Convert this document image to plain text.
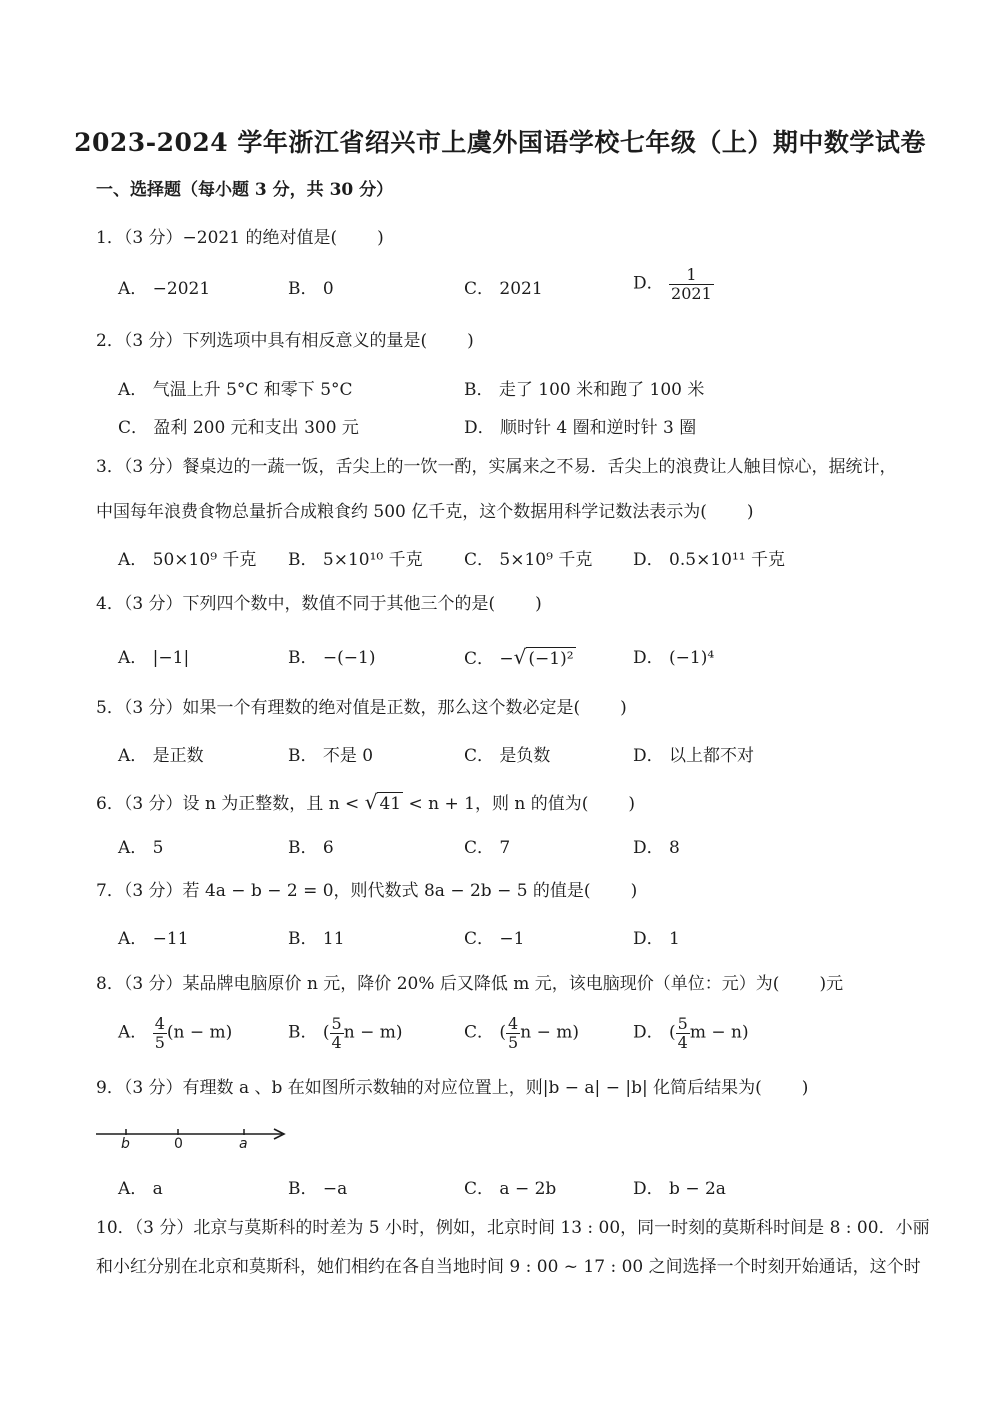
2023-2024 学年浙江省绍兴市上虞外国语学校七年级（上）期中数学试卷
一、选择题（每小题 3 分，共 30 分）
1．（3 分）−2021 的绝对值是( )
A． −2021	B． 0	C． 2021	D． $\frac{1}{2021}$
2．（3 分）下列选项中具有相反意义的量是( )
A． 气温上升 5°C 和零下 5°C	B． 走了 100 米和跑了 100 米
C． 盈利 200 元和支出 300 元	D． 顺时针 4 圈和逆时针 3 圈
3．（3 分）餐桌边的一蔬一饭，舌尖上的一饮一酌，实属来之不易．舌尖上的浪费让人触目惊心，据统计，
中国每年浪费食物总量折合成粮食约 500 亿千克，这个数据用科学记数法表示为( )
A． 50×10⁹ 千克 B． 5×10¹⁰ 千克 C． 5×10⁹ 千克 D． 0.5×10¹¹ 千克
4．（3 分）下列四个数中，数值不同于其他三个的是( )
A． |−1|	B． −(−1)	C． −√ (−1)²	D． (−1)⁴
5．（3 分）如果一个有理数的绝对值是正数，那么这个数必定是( )
A． 是正数	B． 不是 0	C． 是负数	D． 以上都不对
6．（3 分）设 n 为正整数，且 n < √ 41 < n + 1，则 n 的值为( )
A． 5	B． 6	C． 7	D． 8
7．（3 分）若 4a − b − 2 = 0，则代数式 8a − 2b − 5 的值是( )
A． −11	B． 11	C． −1	D． 1
8．（3 分）某品牌电脑原价 n 元，降价 20% 后又降低 m 元，该电脑现价（单位：元）为( )元
A． $\frac{4}{5} (n - m)$	B． ( $\frac{5}{4}$ n − m)	C． ( $\frac{4}{5}$ n − m)	D． ( $\frac{5}{4}$ m − n)
9．（3 分）有理数 a 、b 在如图所示数轴的对应位置上，则|b − a| − |b| 化简后结果为( )
b	0	a
A． a	B． −a	C． a − 2b	D． b − 2a
10．（3 分）北京与莫斯科的时差为 5 小时，例如，北京时间 13 : 00，同一时刻的莫斯科时间是 8 : 00．小丽
和小红分别在北京和莫斯科，她们相约在各自当地时间 9 : 00 ~ 17 : 00 之间选择一个时刻开始通话，这个时
